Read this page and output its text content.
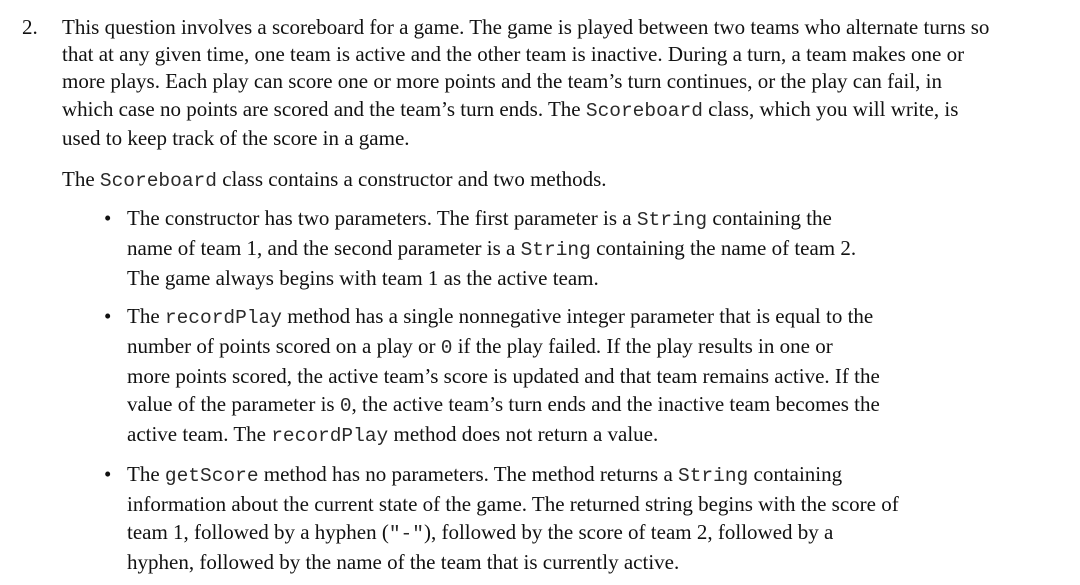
2. This question involves a scoreboard for a game. The game is played between two teams who alternate turns so
that at any given time, one team is active and the other team is inactive. During a turn, a team makes one or
more plays. Each play can score one or more points and the team’s turn continues, or the play can fail, in
which case no points are scored and the team’s turn ends. The Scoreboard class, which you will write, is
used to keep track of the score in a game.
The Scoreboard class contains a constructor and two methods.
• The constructor has two parameters. The first parameter is a String containing the
name of team 1, and the second parameter is a String containing the name of team 2.
The game always begins with team 1 as the active team.
• The recordPlay method has a single nonnegative integer parameter that is equal to the
number of points scored on a play or 0 if the play failed. If the play results in one or
more points scored, the active team’s score is updated and that team remains active. If the
value of the parameter is 0, the active team’s turn ends and the inactive team becomes the
active team. The recordPlay method does not return a value.
• The getScore method has no parameters. The method returns a String containing
information about the current state of the game. The returned string begins with the score of
team 1, followed by a hyphen ("-"), followed by the score of team 2, followed by a
hyphen, followed by the name of the team that is currently active.
